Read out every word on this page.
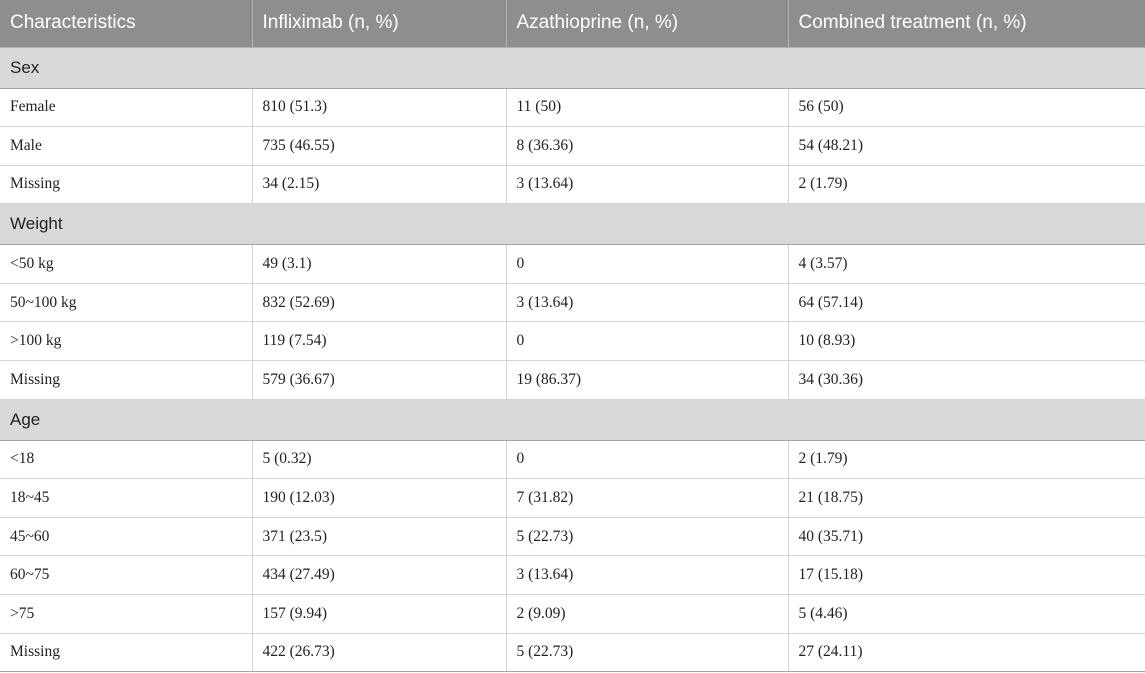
Characteristics	Infliximab (n, %)	Azathioprine (n, %)	Combined treatment (n, %)
Sex			
Female	810 (51.3)	11 (50)	56 (50)
Male	735 (46.55)	8 (36.36)	54 (48.21)
Missing	34 (2.15)	3 (13.64)	2 (1.79)
Weight			
<50 kg	49 (3.1)	0	4 (3.57)
50~100 kg	832 (52.69)	3 (13.64)	64 (57.14)
>100 kg	119 (7.54)	0	10 (8.93)
Missing	579 (36.67)	19 (86.37)	34 (30.36)
Age			
<18	5 (0.32)	0	2 (1.79)
18~45	190 (12.03)	7 (31.82)	21 (18.75)
45~60	371 (23.5)	5 (22.73)	40 (35.71)
60~75	434 (27.49)	3 (13.64)	17 (15.18)
>75	157 (9.94)	2 (9.09)	5 (4.46)
Missing	422 (26.73)	5 (22.73)	27 (24.11)
